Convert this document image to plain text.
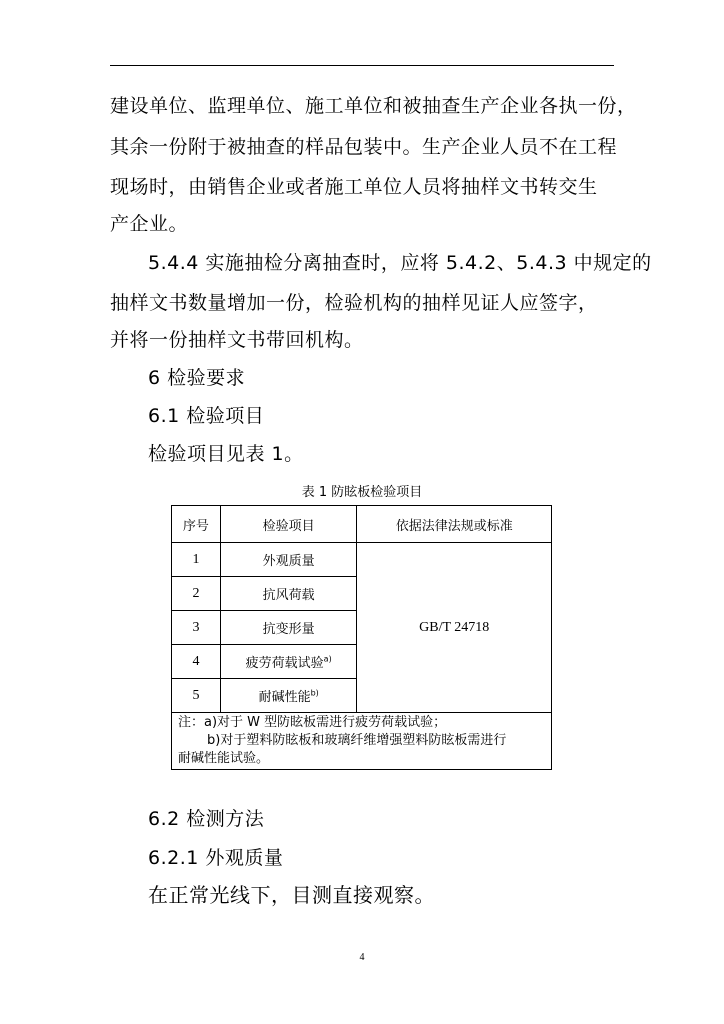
建设单位、监理单位、施工单位和被抽查生产企业各执一份，
其余一份附于被抽查的样品包装中。生产企业人员不在工程
现场时，由销售企业或者施工单位人员将抽样文书转交生
产企业。
5.4.4 实施抽检分离抽查时，应将 5.4.2、5.4.3 中规定的
抽样文书数量增加一份，检验机构的抽样见证人应签字，
并将一份抽样文书带回机构。
6 检验要求
6.1 检验项目
检验项目见表 1。
表 1 防眩板检验项目
序号	检验项目	依据法律法规或标准
1	外观质量	GB/T 24718
2	抗风荷载	
3	抗变形量	
4	疲劳荷载试验$^{a)}$
5	耐碱性能$^{b)}$

注：a)对于 W 型防眩板需进行疲劳荷载试验；
b)对于塑料防眩板和玻璃纤维增强塑料防眩板需进行
耐碱性能试验。		
6.2 检测方法
6.2.1 外观质量
在正常光线下，目测直接观察。
4
